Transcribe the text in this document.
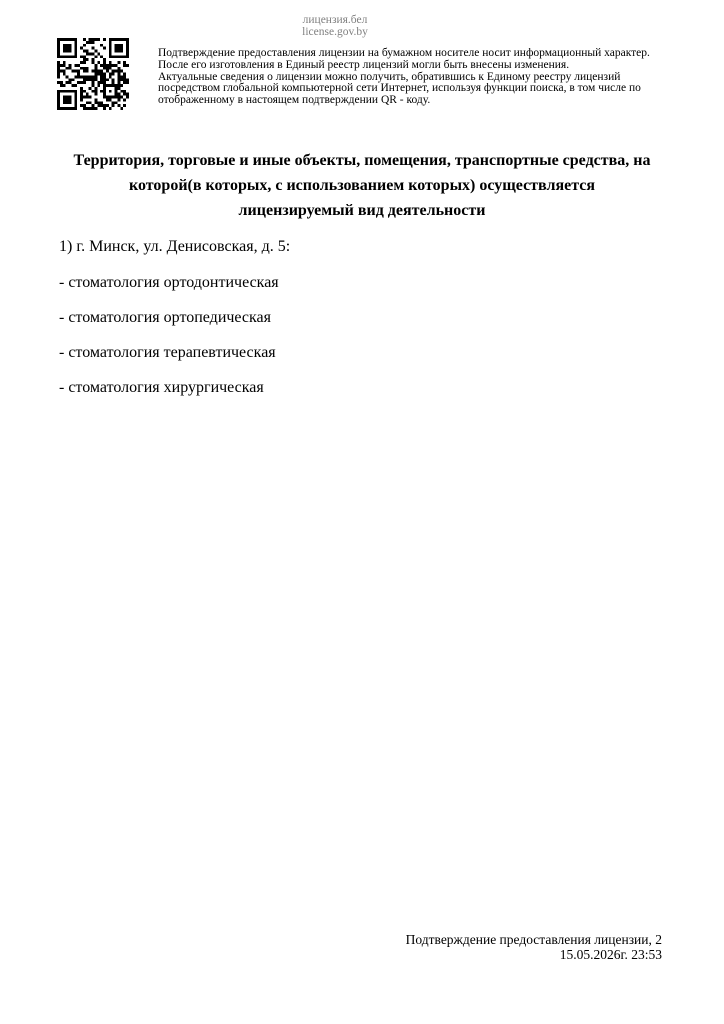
лицензия.бел
license.gov.by
Подтверждение предоставления лицензии на бумажном носителе носит информационный характер.
После его изготовления в Единый реестр лицензий могли быть внесены изменения.
Актуальные сведения о лицензии можно получить, обратившись к Единому реестру лицензий
посредством глобальной компьютерной сети Интернет, используя функции поиска, в том числе по
отображенному в настоящем подтверждении QR - коду.
Территория, торговые и иные объекты, помещения, транспортные средства, на
которой(в которых, с использованием которых) осуществляется
лицензируемый вид деятельности
1) г. Минск, ул. Денисовская, д. 5:
- стоматология ортодонтическая
- стоматология ортопедическая
- стоматология терапевтическая
- стоматология хирургическая
Подтверждение предоставления лицензии, 2
15.05.2026г. 23:53
